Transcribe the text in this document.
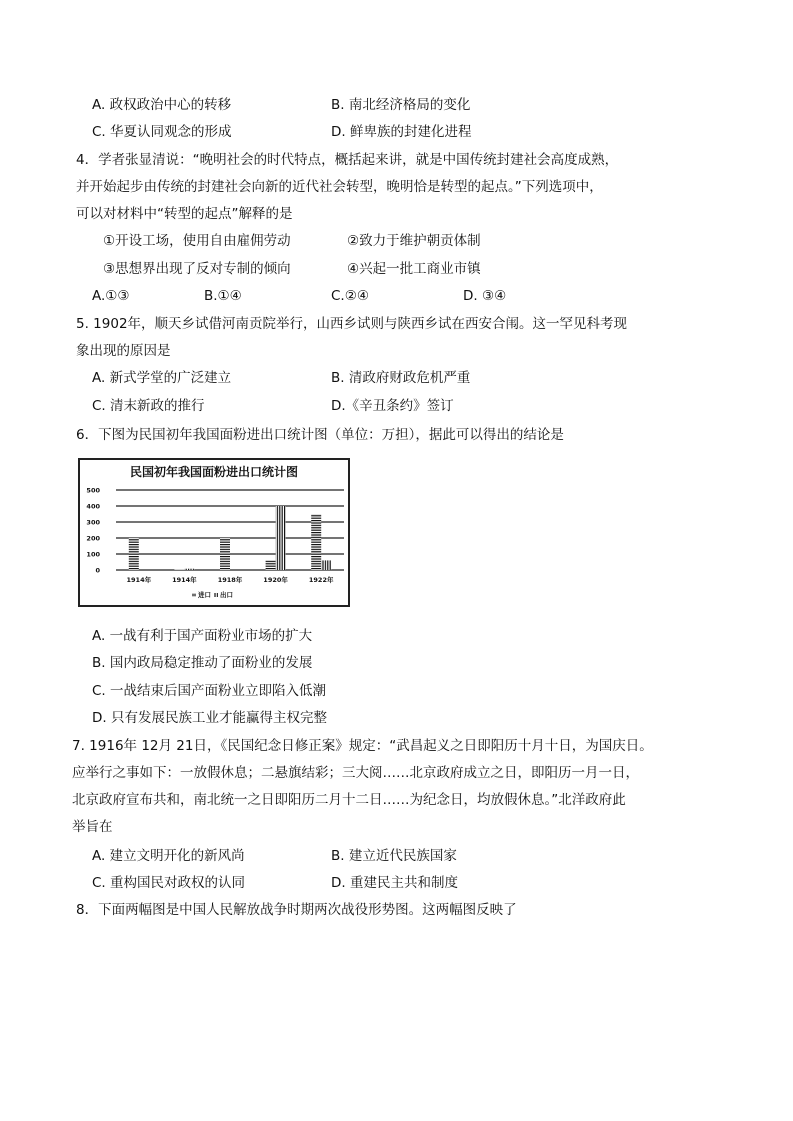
A. 政权政治中心的转移	B. 南北经济格局的变化
C. 华夏认同观念的形成	D. 鲜卑族的封建化进程
4．学者张显清说：“晚明社会的时代特点，概括起来讲，就是中国传统封建社会高度成熟，
并开始起步由传统的封建社会向新的近代社会转型，晚明恰是转型的起点。”下列选项中，
可以对材料中“转型的起点”解释的是
①开设工场，使用自由雇佣劳动	②致力于维护朝贡体制
③思想界出现了反对专制的倾向	④兴起一批工商业市镇
A.①③	B.①④	C.②④	D. ③④
5. 1902年，顺天乡试借河南贡院举行，山西乡试则与陕西乡试在西安合闱。这一罕见科考现
象出现的原因是
A. 新式学堂的广泛建立	B. 清政府财政危机严重
C. 清末新政的推行	D.《辛丑条约》签订
6．下图为民国初年我国面粉进出口统计图（单位：万担），据此可以得出的结论是
民国初年我国面粉进出口统计图
0
100
200
300
400
500
1914年	1914年	1918年	1920年	1922年
进口 出口
A. 一战有利于国产面粉业市场的扩大
B. 国内政局稳定推动了面粉业的发展
C. 一战结束后国产面粉业立即陷入低潮
D. 只有发展民族工业才能赢得主权完整
7. 1916年 12月 21日，《民国纪念日修正案》规定：“武昌起义之日即阳历十月十日，为国庆日。
应举行之事如下：一放假休息；二悬旗结彩；三大阅……北京政府成立之日，即阳历一月一日，
北京政府宣布共和，南北统一之日即阳历二月十二日……为纪念日，均放假休息。”北洋政府此
举旨在
A. 建立文明开化的新风尚	B. 建立近代民族国家
C. 重构国民对政权的认同	D. 重建民主共和制度
8．下面两幅图是中国人民解放战争时期两次战役形势图。这两幅图反映了
